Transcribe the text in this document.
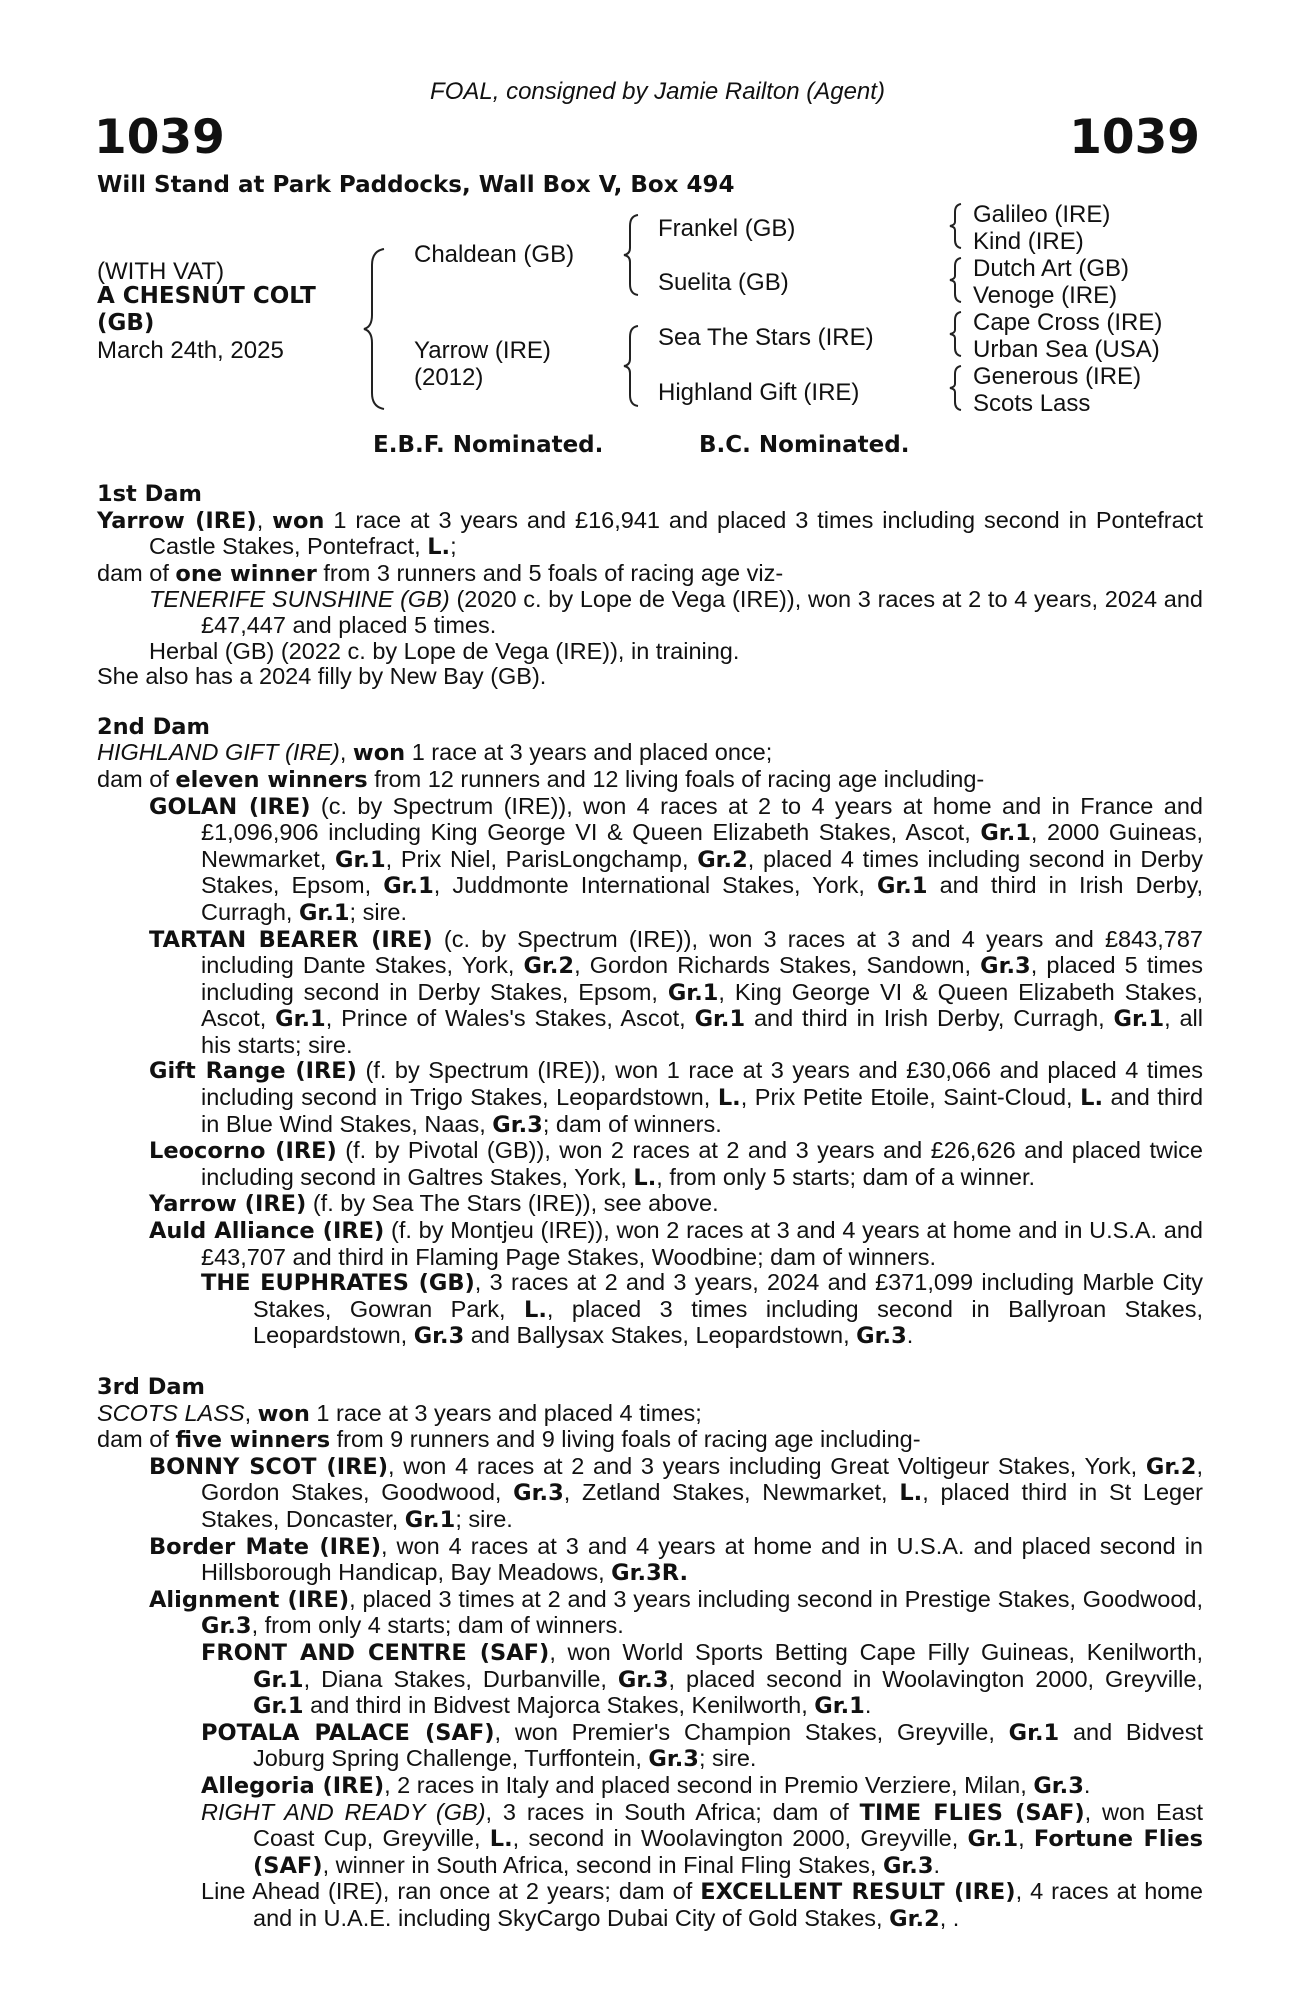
FOAL, consigned by Jamie Railton (Agent)
1039	1039
Will Stand at Park Paddocks, Wall Box V, Box 494
(WITH VAT)
A CHESNUT COLT
(GB)
March 24th, 2025
Chaldean (GB)
Yarrow (IRE)
(2012)
Frankel (GB)
Suelita (GB)
Sea The Stars (IRE)
Highland Gift (IRE)
Galileo (IRE)
Kind (IRE)
Dutch Art (GB)
Venoge (IRE)
Cape Cross (IRE)
Urban Sea (USA)
Generous (IRE)
Scots Lass
E.B.F. Nominated.	B.C. Nominated.

1st Dam

Yarrow (IRE), won 1 race at 3 years and £16,941 and placed 3 times including second in Pontefract Castle Stakes, Pontefract, L.;

dam of one winner from 3 runners and 5 foals of racing age viz-

TENERIFE SUNSHINE (GB) (2020 c. by Lope de Vega (IRE)), won 3 races at 2 to 4 years, 2024 and £47,447 and placed 5 times.

Herbal (GB) (2022 c. by Lope de Vega (IRE)), in training.

She also has a 2024 filly by New Bay (GB).

2nd Dam

HIGHLAND GIFT (IRE), won 1 race at 3 years and placed once;

dam of eleven winners from 12 runners and 12 living foals of racing age including-

GOLAN (IRE) (c. by Spectrum (IRE)), won 4 races at 2 to 4 years at home and in France and £1,096,906 including King George VI & Queen Elizabeth Stakes, Ascot, Gr.1, 2000 Guineas, Newmarket, Gr.1, Prix Niel, ParisLongchamp, Gr.2, placed 4 times including second in Derby Stakes, Epsom, Gr.1, Juddmonte International Stakes, York, Gr.1 and third in Irish Derby, Curragh, Gr.1; sire.

TARTAN BEARER (IRE) (c. by Spectrum (IRE)), won 3 races at 3 and 4 years and £843,787 including Dante Stakes, York, Gr.2, Gordon Richards Stakes, Sandown, Gr.3, placed 5 times including second in Derby Stakes, Epsom, Gr.1, King George VI & Queen Elizabeth Stakes, Ascot, Gr.1, Prince of Wales's Stakes, Ascot, Gr.1 and third in Irish Derby, Curragh, Gr.1, all his starts; sire.

Gift Range (IRE) (f. by Spectrum (IRE)), won 1 race at 3 years and £30,066 and placed 4 times including second in Trigo Stakes, Leopardstown, L., Prix Petite Etoile, Saint-Cloud, L. and third in Blue Wind Stakes, Naas, Gr.3; dam of winners.

Leocorno (IRE) (f. by Pivotal (GB)), won 2 races at 2 and 3 years and £26,626 and placed twice including second in Galtres Stakes, York, L., from only 5 starts; dam of a winner.

Yarrow (IRE) (f. by Sea The Stars (IRE)), see above.

Auld Alliance (IRE) (f. by Montjeu (IRE)), won 2 races at 3 and 4 years at home and in U.S.A. and £43,707 and third in Flaming Page Stakes, Woodbine; dam of winners.

THE EUPHRATES (GB), 3 races at 2 and 3 years, 2024 and £371,099 including Marble City Stakes, Gowran Park, L., placed 3 times including second in Ballyroan Stakes, Leopardstown, Gr.3 and Ballysax Stakes, Leopardstown, Gr.3.

3rd Dam

SCOTS LASS, won 1 race at 3 years and placed 4 times;

dam of five winners from 9 runners and 9 living foals of racing age including-

BONNY SCOT (IRE), won 4 races at 2 and 3 years including Great Voltigeur Stakes, York, Gr.2, Gordon Stakes, Goodwood, Gr.3, Zetland Stakes, Newmarket, L., placed third in St Leger Stakes, Doncaster, Gr.1; sire.

Border Mate (IRE), won 4 races at 3 and 4 years at home and in U.S.A. and placed second in Hillsborough Handicap, Bay Meadows, Gr.3R.

Alignment (IRE), placed 3 times at 2 and 3 years including second in Prestige Stakes, Goodwood, Gr.3, from only 4 starts; dam of winners.

FRONT AND CENTRE (SAF), won World Sports Betting Cape Filly Guineas, Kenilworth, Gr.1, Diana Stakes, Durbanville, Gr.3, placed second in Woolavington 2000, Greyville, Gr.1 and third in Bidvest Majorca Stakes, Kenilworth, Gr.1.

POTALA PALACE (SAF), won Premier's Champion Stakes, Greyville, Gr.1 and Bidvest Joburg Spring Challenge, Turffontein, Gr.3; sire.

Allegoria (IRE), 2 races in Italy and placed second in Premio Verziere, Milan, Gr.3.

RIGHT AND READY (GB), 3 races in South Africa; dam of TIME FLIES (SAF), won East Coast Cup, Greyville, L., second in Woolavington 2000, Greyville, Gr.1, Fortune Flies (SAF), winner in South Africa, second in Final Fling Stakes, Gr.3.

Line Ahead (IRE), ran once at 2 years; dam of EXCELLENT RESULT (IRE), 4 races at home and in U.A.E. including SkyCargo Dubai City of Gold Stakes, Gr.2, .
